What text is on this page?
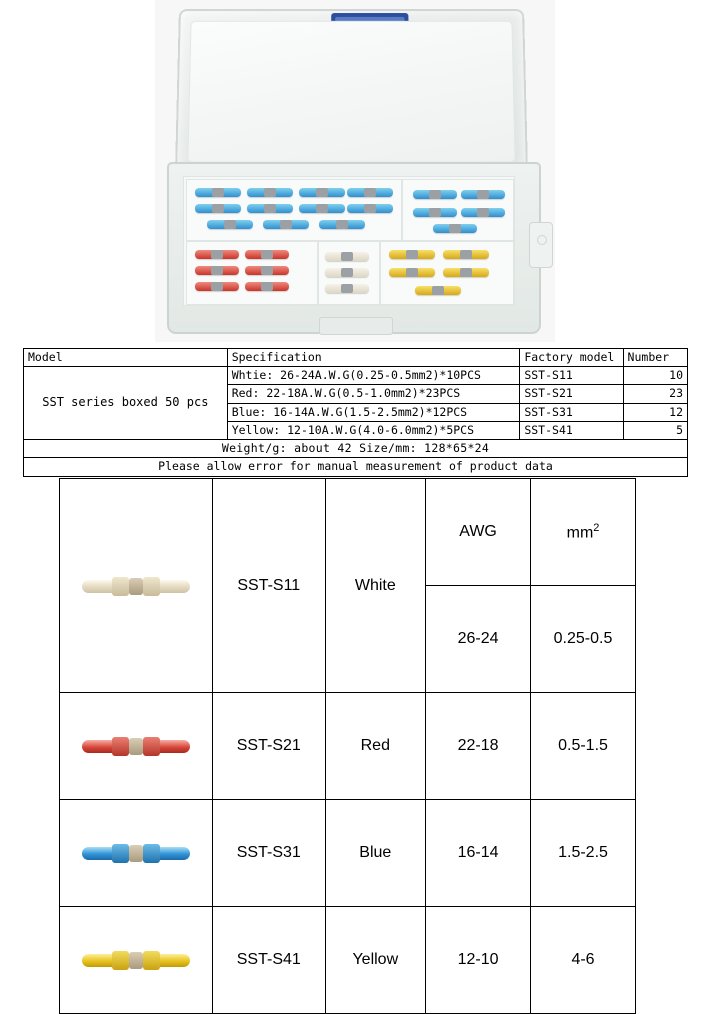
Model	Specification	Factory model	Number
SST series boxed 50 pcs	Whtie: 26-24A.W.G(0.25-0.5mm2)*10PCS	SST-S11	10
	Red: 22-18A.W.G(0.5-1.0mm2)*23PCS	SST-S21	23
	Blue: 16-14A.W.G(1.5-2.5mm2)*12PCS	SST-S31	12
	Yellow: 12-10A.W.G(4.0-6.0mm2)*5PCS	SST-S41	5
Weight/g: about 42 Size/mm: 128*65*24			
Please allow error for manual measurement of product data			
	SST-S11	White	AWG	$mm^2$
			26-24	0.25-0.5

	SST-S21	Red	22-18	0.5-1.5

	SST-S31	Blue	16-14	1.5-2.5

	SST-S41	Yellow	12-10	4-6
